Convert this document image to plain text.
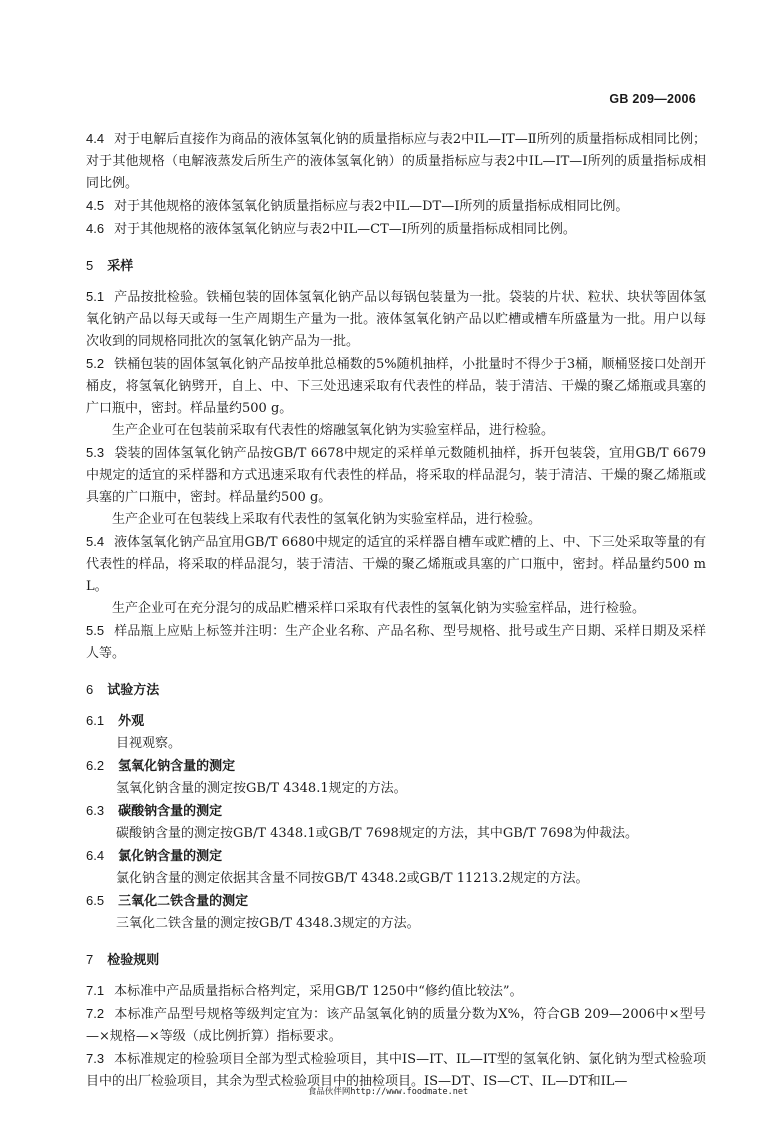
GB 209—2006

4.4 对于电解后直接作为商品的液体氢氧化钠的质量指标应与表2中IL—IT—Ⅱ所列的质量指标成相同比例；对于其他规格（电解液蒸发后所生产的液体氢氧化钠）的质量指标应与表2中IL—IT—Ⅰ所列的质量指标成相同比例。

4.5 对于其他规格的液体氢氧化钠质量指标应与表2中IL—DT—Ⅰ所列的质量指标成相同比例。

4.6 对于其他规格的液体氢氧化钠应与表2中IL—CT—Ⅰ所列的质量指标成相同比例。

5 采样

5.1 产品按批检验。铁桶包装的固体氢氧化钠产品以每锅包装量为一批。袋装的片状、粒状、块状等固体氢氧化钠产品以每天或每一生产周期生产量为一批。液体氢氧化钠产品以贮槽或槽车所盛量为一批。用户以每次收到的同规格同批次的氢氧化钠产品为一批。

5.2 铁桶包装的固体氢氧化钠产品按单批总桶数的5%随机抽样，小批量时不得少于3桶，顺桶竖接口处剖开桶皮，将氢氧化钠劈开，自上、中、下三处迅速采取有代表性的样品，装于清洁、干燥的聚乙烯瓶或具塞的广口瓶中，密封。样品量约500 g。

生产企业可在包装前采取有代表性的熔融氢氧化钠为实验室样品，进行检验。

5.3 袋装的固体氢氧化钠产品按GB/T 6678中规定的采样单元数随机抽样，拆开包装袋，宜用GB/T 6679中规定的适宜的采样器和方式迅速采取有代表性的样品，将采取的样品混匀，装于清洁、干燥的聚乙烯瓶或具塞的广口瓶中，密封。样品量约500 g。

生产企业可在包装线上采取有代表性的氢氧化钠为实验室样品，进行检验。

5.4 液体氢氧化钠产品宜用GB/T 6680中规定的适宜的采样器自槽车或贮槽的上、中、下三处采取等量的有代表性的样品，将采取的样品混匀，装于清洁、干燥的聚乙烯瓶或具塞的广口瓶中，密封。样品量约500 mL。

生产企业可在充分混匀的成品贮槽采样口采取有代表性的氢氧化钠为实验室样品，进行检验。

5.5 样品瓶上应贴上标签并注明：生产企业名称、产品名称、型号规格、批号或生产日期、采样日期及采样人等。

6 试验方法
6.1 外观

目视观察。

6.2 氢氧化钠含量的测定

氢氧化钠含量的测定按GB/T 4348.1规定的方法。

6.3 碳酸钠含量的测定

碳酸钠含量的测定按GB/T 4348.1或GB/T 7698规定的方法，其中GB/T 7698为仲裁法。

6.4 氯化钠含量的测定

氯化钠含量的测定依据其含量不同按GB/T 4348.2或GB/T 11213.2规定的方法。

6.5 三氧化二铁含量的测定

三氧化二铁含量的测定按GB/T 4348.3规定的方法。

7 检验规则

7.1 本标准中产品质量指标合格判定，采用GB/T 1250中“修约值比较法”。

7.2 本标准产品型号规格等级判定宜为：该产品氢氧化钠的质量分数为X%，符合GB 209—2006中×型号—×规格—×等级（成比例折算）指标要求。

7.3 本标准规定的检验项目全部为型式检验项目，其中IS—IT、IL—IT型的氢氧化钠、氯化钠为型式检验项目中的出厂检验项目，其余为型式检验项目中的抽检项目。IS—DT、IS—CT、IL—DT和IL—

食品伙伴网http://www.foodmate.net
